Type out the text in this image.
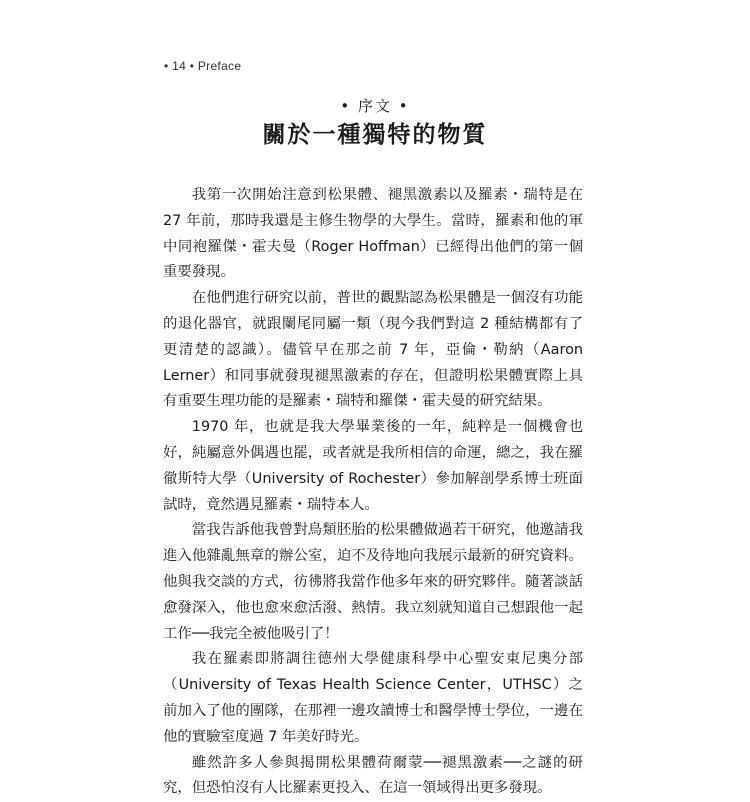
• 14 • Preface
• 序文 •
關於一種獨特的物質

我第一次開始注意到松果體、褪黑激素以及羅素・瑞特是在 27 年前，那時我還是主修生物學的大學生。當時，羅素和他的軍中同袍羅傑・霍夫曼（Roger Hoffman）已經得出他們的第一個重要發現。

在他們進行研究以前，普世的觀點認為松果體是一個沒有功能的退化器官，就跟闌尾同屬一類（現今我們對這 2 種結構都有了更清楚的認識）。儘管早在那之前 7 年，亞倫・勒納（Aaron Lerner）和同事就發現褪黑激素的存在，但證明松果體實際上具有重要生理功能的是羅素・瑞特和羅傑・霍夫曼的研究結果。

1970 年，也就是我大學畢業後的一年，純粹是一個機會也好，純屬意外偶遇也罷，或者就是我所相信的命運，總之，我在羅徹斯特大學（University of Rochester）參加解剖學系博士班面試時，竟然遇見羅素・瑞特本人。

當我告訴他我曾對鳥類胚胎的松果體做過若干研究，他邀請我進入他雜亂無章的辦公室，迫不及待地向我展示最新的研究資料。他與我交談的方式，彷彿將我當作他多年來的研究夥伴。隨著談話愈發深入，他也愈來愈活潑、熱情。我立刻就知道自己想跟他一起工作──我完全被他吸引了！

我在羅素即將調往德州大學健康科學中心聖安東尼奧分部（University of Texas Health Science Center，UTHSC）之前加入了他的團隊，在那裡一邊攻讀博士和醫學博士學位，一邊在他的實驗室度過 7 年美好時光。

雖然許多人參與揭開松果體荷爾蒙──褪黑激素──之謎的研究，但恐怕沒有人比羅素更投入、在這一領域得出更多發現。
